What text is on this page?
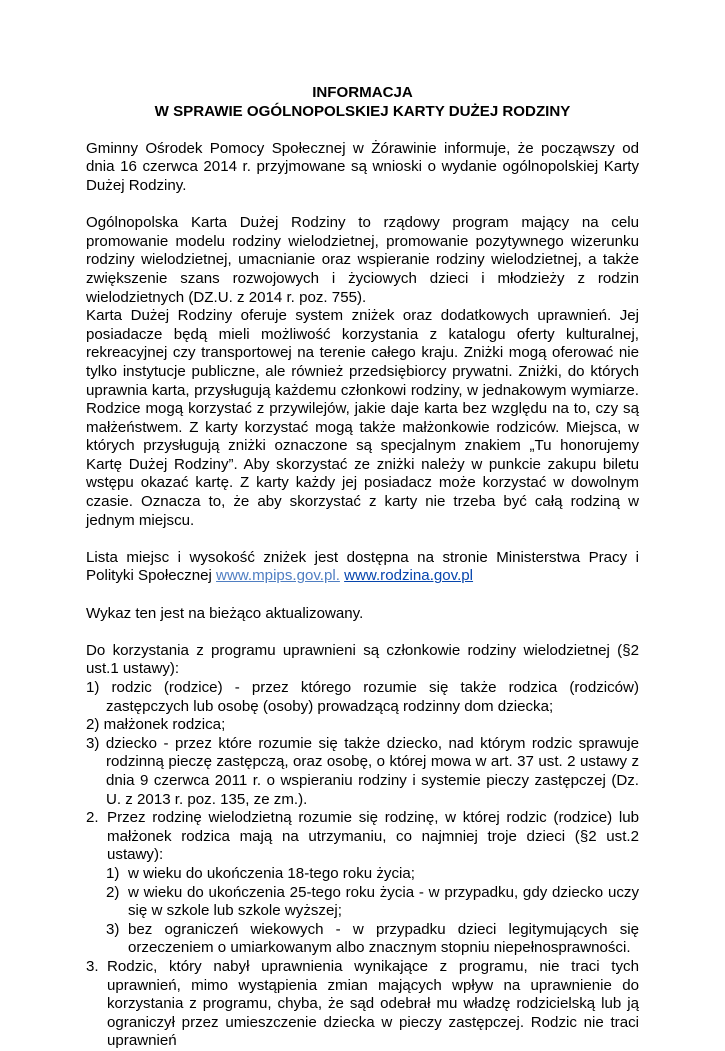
INFORMACJA
W SPRAWIE OGÓLNOPOLSKIEJ KARTY DUŻEJ RODZINY

Gminny Ośrodek Pomocy Społecznej w Żórawinie informuje, że począwszy od dnia 16 czerwca 2014 r. przyjmowane są wnioski o wydanie ogólnopolskiej Karty Dużej Rodziny.

Ogólnopolska Karta Dużej Rodziny to rządowy program mający na celu promowanie modelu rodziny wielodzietnej, promowanie pozytywnego wizerunku rodziny wielodzietnej, umacnianie oraz wspieranie rodziny wielodzietnej, a także zwiększenie szans rozwojowych i życiowych dzieci i młodzieży z rodzin wielodzietnych (DZ.U. z 2014 r. poz. 755).

Karta Dużej Rodziny oferuje system zniżek oraz dodatkowych uprawnień. Jej posiadacze będą mieli możliwość korzystania z katalogu oferty kulturalnej, rekreacyjnej czy transportowej na terenie całego kraju. Zniżki mogą oferować nie tylko instytucje publiczne, ale również przedsiębiorcy prywatni. Zniżki, do których uprawnia karta, przysługują każdemu członkowi rodziny, w jednakowym wymiarze. Rodzice mogą korzystać z przywilejów, jakie daje karta bez względu na to, czy są małżeństwem. Z karty korzystać mogą także małżonkowie rodziców. Miejsca, w których przysługują zniżki oznaczone są specjalnym znakiem „Tu honorujemy Kartę Dużej Rodziny”. Aby skorzystać ze zniżki należy w punkcie zakupu biletu wstępu okazać kartę. Z karty każdy jej posiadacz może korzystać w dowolnym czasie. Oznacza to, że aby skorzystać z karty nie trzeba być całą rodziną w jednym miejscu.

Lista miejsc i wysokość zniżek jest dostępna na stronie Ministerstwa Pracy i Polityki Społecznej www.mpips.gov.pl. www.rodzina.gov.pl

Wykaz ten jest na bieżąco aktualizowany.

Do korzystania z programu uprawnieni są członkowie rodziny wielodzietnej (§2 ust.1 ustawy):

1) rodzic (rodzice) - przez którego rozumie się także rodzica (rodziców) zastępczych lub osobę (osoby) prowadzącą rodzinny dom dziecka;
2) małżonek rodzica;
3) dziecko - przez które rozumie się także dziecko, nad którym rodzic sprawuje rodzinną pieczę zastępczą, oraz osobę, o której mowa w art. 37 ust. 2 ustawy z dnia 9 czerwca 2011 r. o wspieraniu rodziny i systemie pieczy zastępczej (Dz. U. z 2013 r. poz. 135, ze zm.).
2. Przez rodzinę wielodzietną rozumie się rodzinę, w której rodzic (rodzice) lub małżonek rodzica mają na utrzymaniu, co najmniej troje dzieci (§2 ust.2 ustawy):
1) w wieku do ukończenia 18-tego roku życia;
2) w wieku do ukończenia 25-tego roku życia - w przypadku, gdy dziecko uczy się w szkole lub szkole wyższej;
3) bez ograniczeń wiekowych - w przypadku dzieci legitymujących się orzeczeniem o umiarkowanym albo znacznym stopniu niepełnosprawności.
3. Rodzic, który nabył uprawnienia wynikające z programu, nie traci tych uprawnień, mimo wystąpienia zmian mających wpływ na uprawnienie do korzystania z programu, chyba, że sąd odebrał mu władzę rodzicielską lub ją ograniczył przez umieszczenie dziecka w pieczy zastępczej. Rodzic nie traci uprawnień
